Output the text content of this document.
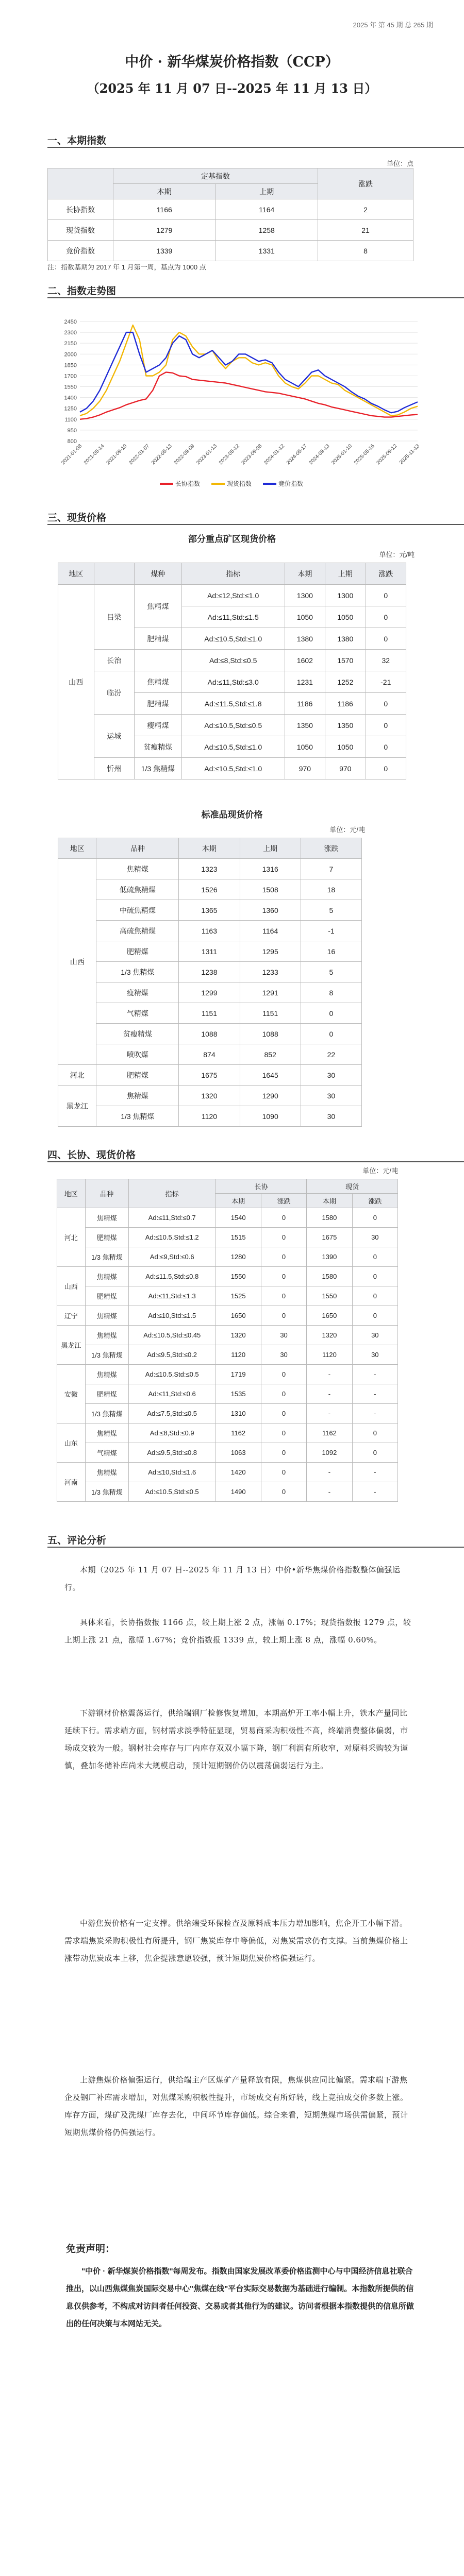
2025 年 第 45 期 总 265 期
中价 · 新华煤炭价格指数（CCP）
（2025 年 11 月 07 日--2025 年 11 月 13 日）
一、本期指数
单位：点
	定基指数		涨跌
	本期	上期	
长协指数	1166	1164	2
现货指数	1279	1258	21
竞价指数	1339	1331	8
注：指数基期为 2017 年 1 月第一周，基点为 1000 点
二、指数走势图
2450
2300
2150
2000
1850
1700
1550
1400
1250
1100
950
800
2021-01-08 2021-05-14 2021-09-10 2022-01-07 2022-05-13 2022-09-09 2023-01-13 2023-05-12 2023-09-08 2024-01-12 2024-05-17 2024-09-13 2025-01-10 2025-05-16 2025-09-12 2025-11-13
长协指数	现货指数	竞价指数
三、现货价格
部分重点矿区现货价格
单位：元/吨
地区		煤种	指标	本期	上期	涨跌
山西	吕梁	焦精煤	Ad:≤12,Std:≤1.0	1300	1300	0
			Ad:≤11,Std:≤1.5	1050	1050	0
		肥精煤	Ad:≤10.5,Std:≤1.0	1380	1380	0
	长治		Ad:≤8,Std:≤0.5	1602	1570	32
	临汾	焦精煤	Ad:≤11,Std:≤3.0	1231	1252	-21
		肥精煤	Ad:≤11.5,Std:≤1.8	1186	1186	0
	运城	瘦精煤	Ad:≤10.5,Std:≤0.5	1350	1350	0
		贫瘦精煤	Ad:≤10.5,Std:≤1.0	1050	1050	0
	忻州	1/3 焦精煤	Ad:≤10.5,Std:≤1.0	970	970	0
标准品现货价格
单位：元/吨
地区	品种	本期	上期	涨跌
山西	焦精煤	1323	1316	7
	低硫焦精煤	1526	1508	18
	中硫焦精煤	1365	1360	5
	高硫焦精煤	1163	1164	-1
	肥精煤	1311	1295	16
	1/3 焦精煤	1238	1233	5
	瘦精煤	1299	1291	8
	气精煤	1151	1151	0
	贫瘦精煤	1088	1088	0
	喷吹煤	874	852	22
河北	肥精煤	1675	1645	30
黑龙江	焦精煤	1320	1290	30
	1/3 焦精煤	1120	1090	30
四、长协、现货价格
单位：元/吨
地区	品种	指标	长协		现货	
			本期	涨跌	本期	涨跌
河北	焦精煤	Ad:≤11,Std:≤0.7	1540	0	1580	0
	肥精煤	Ad:≤10.5,Std:≤1.2	1515	0	1675	30
	1/3 焦精煤	Ad:≤9,Std:≤0.6	1280	0	1390	0
山西	焦精煤	Ad:≤11.5,Std:≤0.8	1550	0	1580	0
	肥精煤	Ad:≤11,Std:≤1.3	1525	0	1550	0
辽宁	焦精煤	Ad:≤10,Std:≤1.5	1650	0	1650	0
黑龙江	焦精煤	Ad:≤10.5,Std:≤0.45	1320	30	1320	30
	1/3 焦精煤	Ad:≤9.5,Std:≤0.2	1120	30	1120	30
安徽	焦精煤	Ad:≤10.5,Std:≤0.5	1719	0	-	-
	肥精煤	Ad:≤11,Std:≤0.6	1535	0	-	-
	1/3 焦精煤	Ad:≤7.5,Std:≤0.5	1310	0	-	-
山东	焦精煤	Ad:≤8,Std:≤0.9	1162	0	1162	0
	气精煤	Ad:≤9.5,Std:≤0.8	1063	0	1092	0
河南	焦精煤	Ad:≤10,Std:≤1.6	1420	0	-	-
	1/3 焦精煤	Ad:≤10.5,Std:≤0.5	1490	0	-	-
五、评论分析
本期（2025 年 11 月 07 日--2025 年 11 月 13 日）中价•新华焦煤价格指数整体偏强运行。
具体来看，长协指数报 1166 点，较上期上涨 2 点，涨幅 0.17%；现货指数报 1279 点，较上期上涨 21 点，涨幅 1.67%；竞价指数报 1339 点，较上期上涨 8 点，涨幅 0.60%。
下游钢材价格震荡运行，供给端钢厂检修恢复增加，本期高炉开工率小幅上升，铁水产量同比延续下行。需求端方面，钢材需求淡季特征显现，贸易商采购积极性不高，终端消费整体偏弱，市场成交较为一般。钢材社会库存与厂内库存双双小幅下降，钢厂利润有所收窄，对原料采购较为谨慎，叠加冬储补库尚未大规模启动，预计短期钢价仍以震荡偏弱运行为主。
中游焦炭价格有一定支撑。供给端受环保检查及原料成本压力增加影响，焦企开工小幅下滑。需求端焦炭采购积极性有所提升，钢厂焦炭库存中等偏低，对焦炭需求仍有支撑。当前焦煤价格上涨带动焦炭成本上移，焦企提涨意愿较强，预计短期焦炭价格偏强运行。
上游焦煤价格偏强运行，供给端主产区煤矿产量释放有限，焦煤供应同比偏紧。需求端下游焦企及钢厂补库需求增加，对焦煤采购积极性提升，市场成交有所好转，线上竞拍成交价多数上涨。库存方面，煤矿及洗煤厂库存去化，中间环节库存偏低。综合来看，短期焦煤市场供需偏紧，预计短期焦煤价格仍偏强运行。
免责声明：
"中价 · 新华煤炭价格指数"每周发布。指数由国家发展改革委价格监测中心与中国经济信息社联合推出，以山西焦煤焦炭国际交易中心"焦煤在线"平台实际交易数据为基础进行编制。本指数所提供的信息仅供参考，不构成对访问者任何投资、交易或者其他行为的建议。访问者根据本指数提供的信息所做出的任何决策与本网站无关。
